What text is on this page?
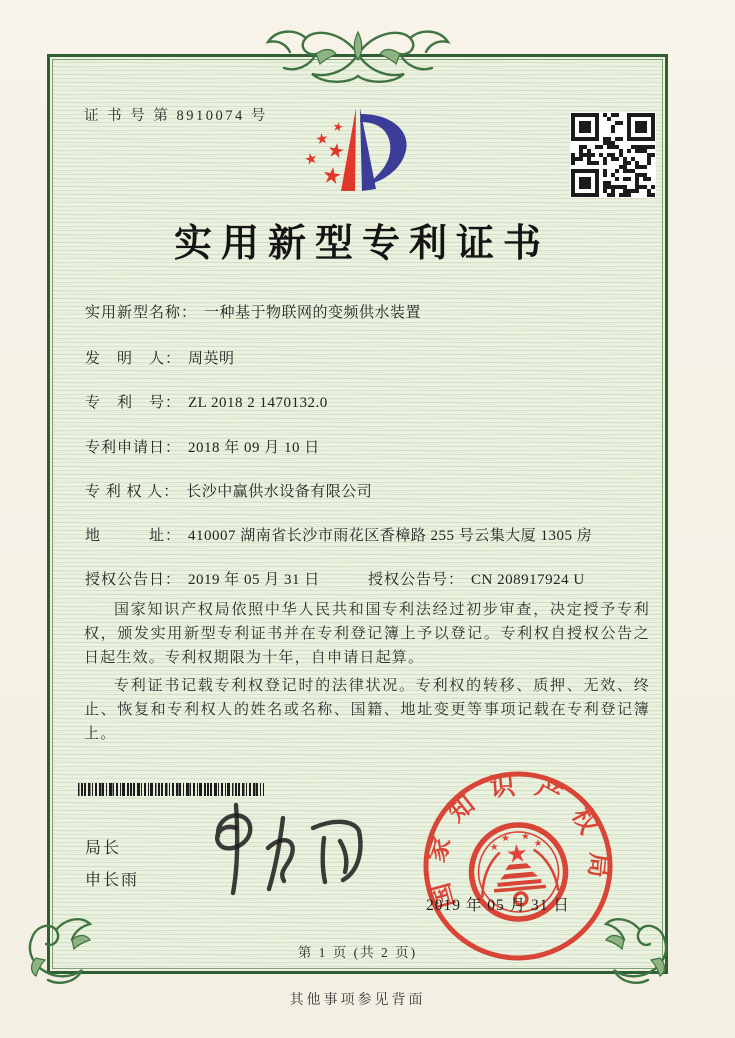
证 书 号 第 8910074 号
实用新型专利证书
实用新型名称： 一种基于物联网的变频供水装置
发　明　人： 周英明
专　利　号： ZL 2018 2 1470132.0
专利申请日： 2018 年 09 月 10 日
专 利 权 人： 长沙中赢供水设备有限公司
地　　　址： 410007 湖南省长沙市雨花区香樟路 255 号云集大厦 1305 房
授权公告日： 2019 年 05 月 31 日	授权公告号： CN 208917924 U

国家知识产权局依照中华人民共和国专利法经过初步审查，决定授予专利权，颁发实用新型专利证书并在专利登记簿上予以登记。专利权自授权公告之日起生效。专利权期限为十年，自申请日起算。

专利证书记载专利权登记时的法律状况。专利权的转移、质押、无效、终止、恢复和专利权人的姓名或名称、国籍、地址变更等事项记载在专利登记簿上。

局长
申长雨	国家知识产权局
2019 年 05 月 31 日
第 1 页 (共 2 页)
其他事项参见背面
